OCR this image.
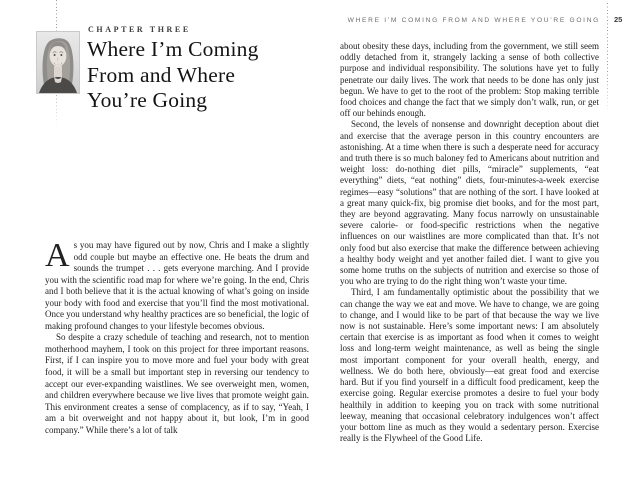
CHAPTER THREE
Where I’m Coming
From and Where
You’re Going

As you may have figured out by now, Chris and I make a slightly odd couple but maybe an effective one. He beats the drum and sounds the trumpet . . . gets everyone marching. And I provide you with the scientific road map for where we’re going. In the end, Chris and I both believe that it is the actual knowing of what’s going on inside your body with food and exercise that you’ll find the most motivational. Once you understand why healthy practices are so beneficial, the logic of making profound changes to your lifestyle becomes obvious.

So despite a crazy schedule of teaching and research, not to mention motherhood mayhem, I took on this project for three important reasons. First, if I can inspire you to move more and fuel your body with great food, it will be a small but important step in reversing our tendency to accept our ever-expanding waistlines. We see overweight men, women, and children everywhere because we live lives that promote weight gain. This environment creates a sense of complacency, as if to say, “Yeah, I am a bit overweight and not happy about it, but look, I’m in good company.” While there’s a lot of talk

WHERE I’M COMING FROM AND WHERE YOU’RE GOING 25

about obesity these days, including from the government, we still seem oddly detached from it, strangely lacking a sense of both collective purpose and individual responsibility. The solutions have yet to fully penetrate our daily lives. The work that needs to be done has only just begun. We have to get to the root of the problem: Stop making terrible food choices and change the fact that we simply don’t walk, run, or get off our behinds enough.

Second, the levels of nonsense and downright deception about diet and exercise that the average person in this country encounters are astonishing. At a time when there is such a desperate need for accuracy and truth there is so much baloney fed to Americans about nutrition and weight loss: do-nothing diet pills, “miracle” supplements, “eat everything” diets, “eat nothing” diets, four-minutes-a-week exercise regimes—easy “solutions” that are nothing of the sort. I have looked at a great many quick-fix, big promise diet books, and for the most part, they are beyond aggravating. Many focus narrowly on unsustainable severe calorie- or food-specific restrictions when the negative influences on our waistlines are more complicated than that. It’s not only food but also exercise that make the difference between achieving a healthy body weight and yet another failed diet. I want to give you some home truths on the subjects of nutrition and exercise so those of you who are trying to do the right thing won’t waste your time.

Third, I am fundamentally optimistic about the possibility that we can change the way we eat and move. We have to change, we are going to change, and I would like to be part of that because the way we live now is not sustainable. Here’s some important news: I am absolutely certain that exercise is as important as food when it comes to weight loss and long-term weight maintenance, as well as being the single most important component for your overall health, energy, and wellness. We do both here, obviously—eat great food and exercise hard. But if you find yourself in a difficult food predicament, keep the exercise going. Regular exercise promotes a desire to fuel your body healthily in addition to keeping you on track with some nutritional leeway, meaning that occasional celebratory indulgences won’t affect your bottom line as much as they would a sedentary person. Exercise really is the Flywheel of the Good Life.
